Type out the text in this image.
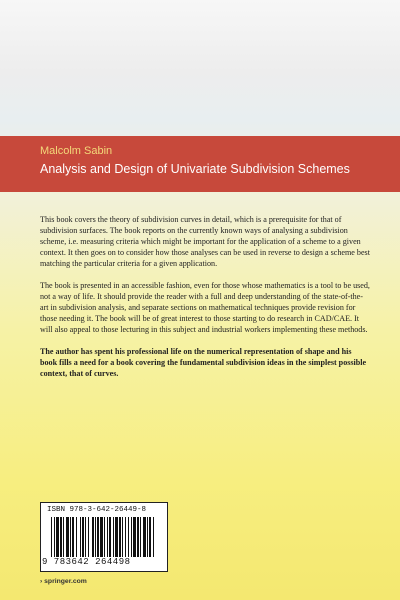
Malcolm Sabin
Analysis and Design of Univariate Subdivision Schemes

This book covers the theory of subdivision curves in detail, which is a prerequisite for that of subdivision surfaces. The book reports on the currently known ways of analysing a subdivision scheme, i.e. measuring criteria which might be important for the application of a scheme to a given context. It then goes on to consider how those analyses can be used in reverse to design a scheme best matching the particular criteria for a given application.

The book is presented in an accessible fashion, even for those whose mathematics is a tool to be used, not a way of life. It should provide the reader with a full and deep understanding of the state-of-the-art in subdivision analysis, and separate sections on mathematical techniques provide revision for those needing it. The book will be of great interest to those starting to do research in CAD/CAE. It will also appeal to those lecturing in this subject and industrial workers implementing these methods.

The author has spent his professional life on the numerical representation of shape and his book fills a need for a book covering the fundamental subdivision ideas in the simplest possible context, that of curves.

ISBN 978-3-642-26449-8
9 783642 264498
› springer.com
